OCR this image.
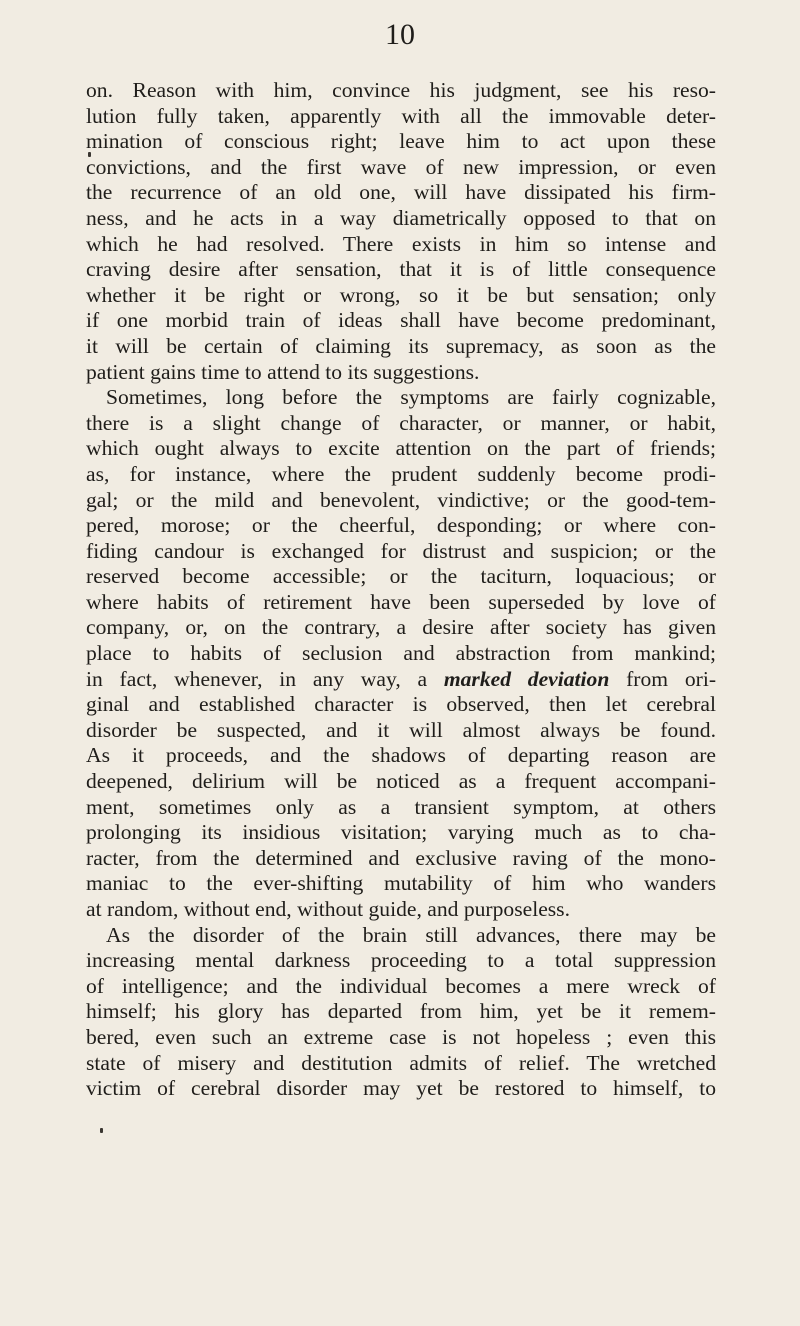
10
on. Reason with him, convince his judgment, see his reso-
lution fully taken, apparently with all the immovable deter-
mination of conscious right; leave him to act upon these
convictions, and the first wave of new impression, or even
the recurrence of an old one, will have dissipated his firm-
ness, and he acts in a way diametrically opposed to that on
which he had resolved. There exists in him so intense and
craving desire after sensation, that it is of little consequence
whether it be right or wrong, so it be but sensation; only
if one morbid train of ideas shall have become predominant,
it will be certain of claiming its supremacy, as soon as the
patient gains time to attend to its suggestions.
Sometimes, long before the symptoms are fairly cognizable,
there is a slight change of character, or manner, or habit,
which ought always to excite attention on the part of friends;
as, for instance, where the prudent suddenly become prodi-
gal; or the mild and benevolent, vindictive; or the good-tem-
pered, morose; or the cheerful, desponding; or where con-
fiding candour is exchanged for distrust and suspicion; or the
reserved become accessible; or the taciturn, loquacious; or
where habits of retirement have been superseded by love of
company, or, on the contrary, a desire after society has given
place to habits of seclusion and abstraction from mankind;
in fact, whenever, in any way, a marked deviation from ori-
ginal and established character is observed, then let cerebral
disorder be suspected, and it will almost always be found.
As it proceeds, and the shadows of departing reason are
deepened, delirium will be noticed as a frequent accompani-
ment, sometimes only as a transient symptom, at others
prolonging its insidious visitation; varying much as to cha-
racter, from the determined and exclusive raving of the mono-
maniac to the ever-shifting mutability of him who wanders
at random, without end, without guide, and purposeless.
As the disorder of the brain still advances, there may be
increasing mental darkness proceeding to a total suppression
of intelligence; and the individual becomes a mere wreck of
himself; his glory has departed from him, yet be it remem-
bered, even such an extreme case is not hopeless ; even this
state of misery and destitution admits of relief. The wretched
victim of cerebral disorder may yet be restored to himself, to
